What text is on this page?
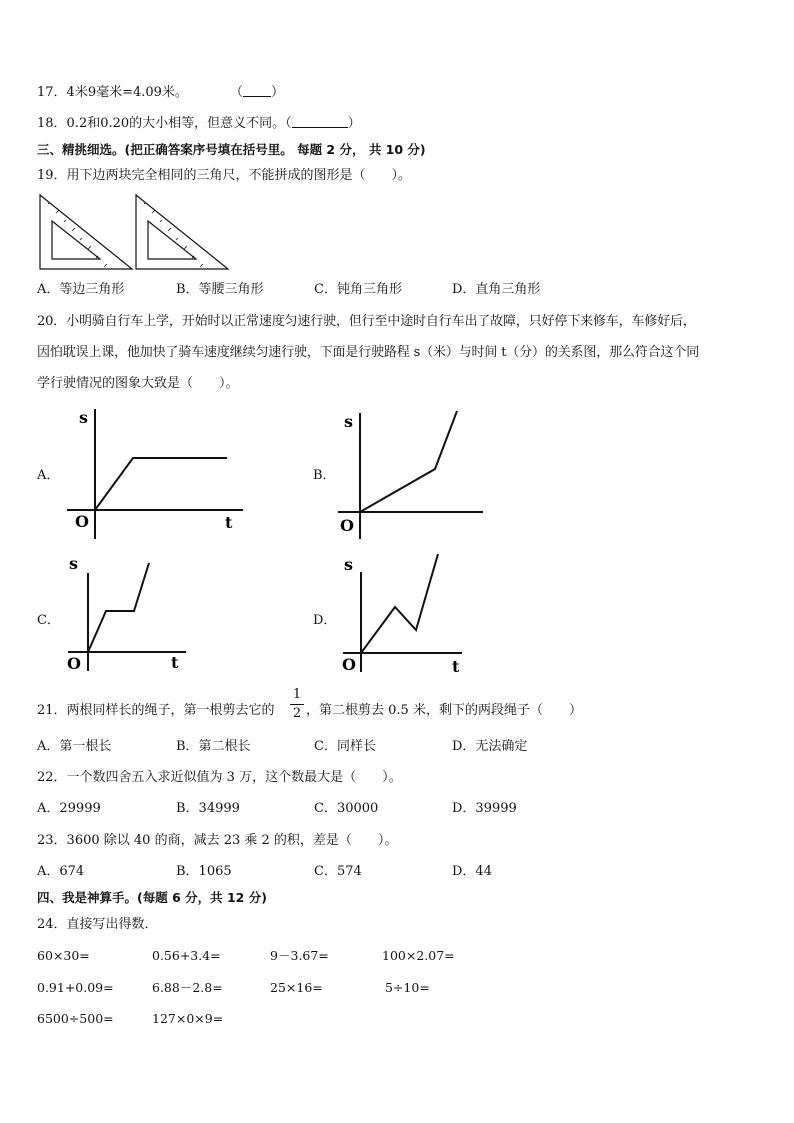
17．4米9毫米=4.09米。	（ ）
18．0.2和0.20的大小相等，但意义不同。（	）
三、精挑细选。(把正确答案序号填在括号里。 每题 2 分， 共 10 分)
19．用下边两块完全相同的三角尺，不能拼成的图形是（　　）。
A．等边三角形	B．等腰三角形	C．钝角三角形	D．直角三角形
20．小明骑自行车上学，开始时以正常速度匀速行驶，但行至中途时自行车出了故障，只好停下来修车，车修好后，
因怕耽误上课，他加快了骑车速度继续匀速行驶，下面是行驶路程 s（米）与时间 t（分）的关系图，那么符合这个同
学行驶情况的图象大致是（　　）。
A．
s
t
O
B．
s
O
C．
s
t
O
D．
s
t
O
21．两根同样长的绳子，第一根剪去它的
1
2 ，第二根剪去 0.5 米，剩下的两段绳子（　　）
A．第一根长	B．第二根长	C．同样长	D．无法确定
22．一个数四舍五入求近似值为 3 万，这个数最大是（　　）。
A．29999	B．34999	C．30000	D．39999
23．3600 除以 40 的商，减去 23 乘 2 的积，差是（　　）。
A．674	B．1065	C．574	D．44
四、我是神算手。(每题 6 分，共 12 分)
24．直接写出得数．
60×30=	0.56+3.4=	9－3.67=	100×2.07=
0.91+0.09=	6.88－2.8=	25×16=	5÷10=
6500÷500=	127×0×9=
